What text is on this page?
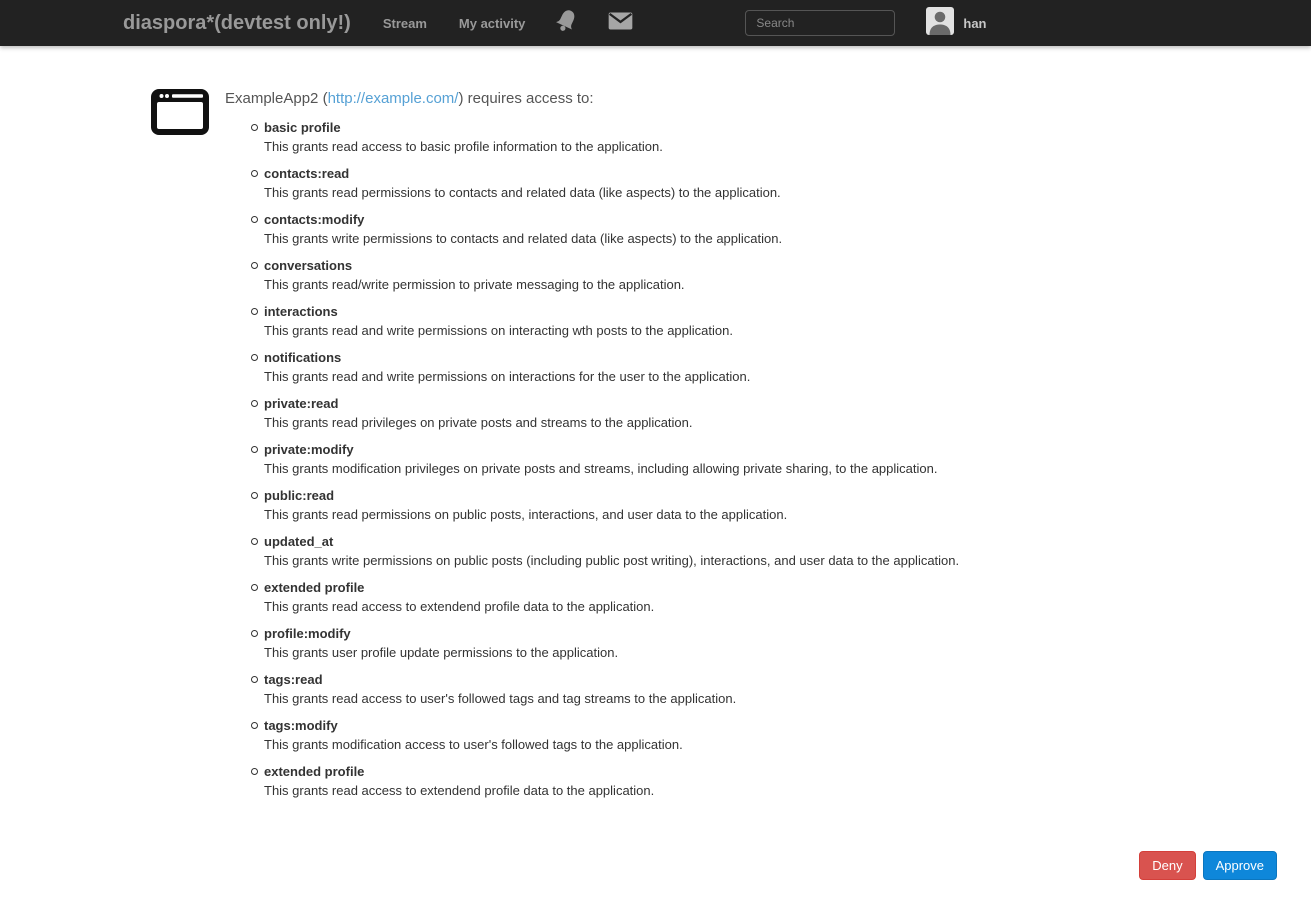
diaspora*(devtest only!) Stream My activity
Search	han
ExampleApp2 (http://example.com/) requires access to:
basic profile
This grants read access to basic profile information to the application.
contacts:read
This grants read permissions to contacts and related data (like aspects) to the application.
contacts:modify
This grants write permissions to contacts and related data (like aspects) to the application.
conversations
This grants read/write permission to private messaging to the application.
interactions
This grants read and write permissions on interacting wth posts to the application.
notifications
This grants read and write permissions on interactions for the user to the application.
private:read
This grants read privileges on private posts and streams to the application.
private:modify
This grants modification privileges on private posts and streams, including allowing private sharing, to the application.
public:read
This grants read permissions on public posts, interactions, and user data to the application.
updated_at
This grants write permissions on public posts (including public post writing), interactions, and user data to the application.
extended profile
This grants read access to extendend profile data to the application.
profile:modify
This grants user profile update permissions to the application.
tags:read
This grants read access to user's followed tags and tag streams to the application.
tags:modify
This grants modification access to user's followed tags to the application.
extended profile
This grants read access to extendend profile data to the application.
Deny	Approve
